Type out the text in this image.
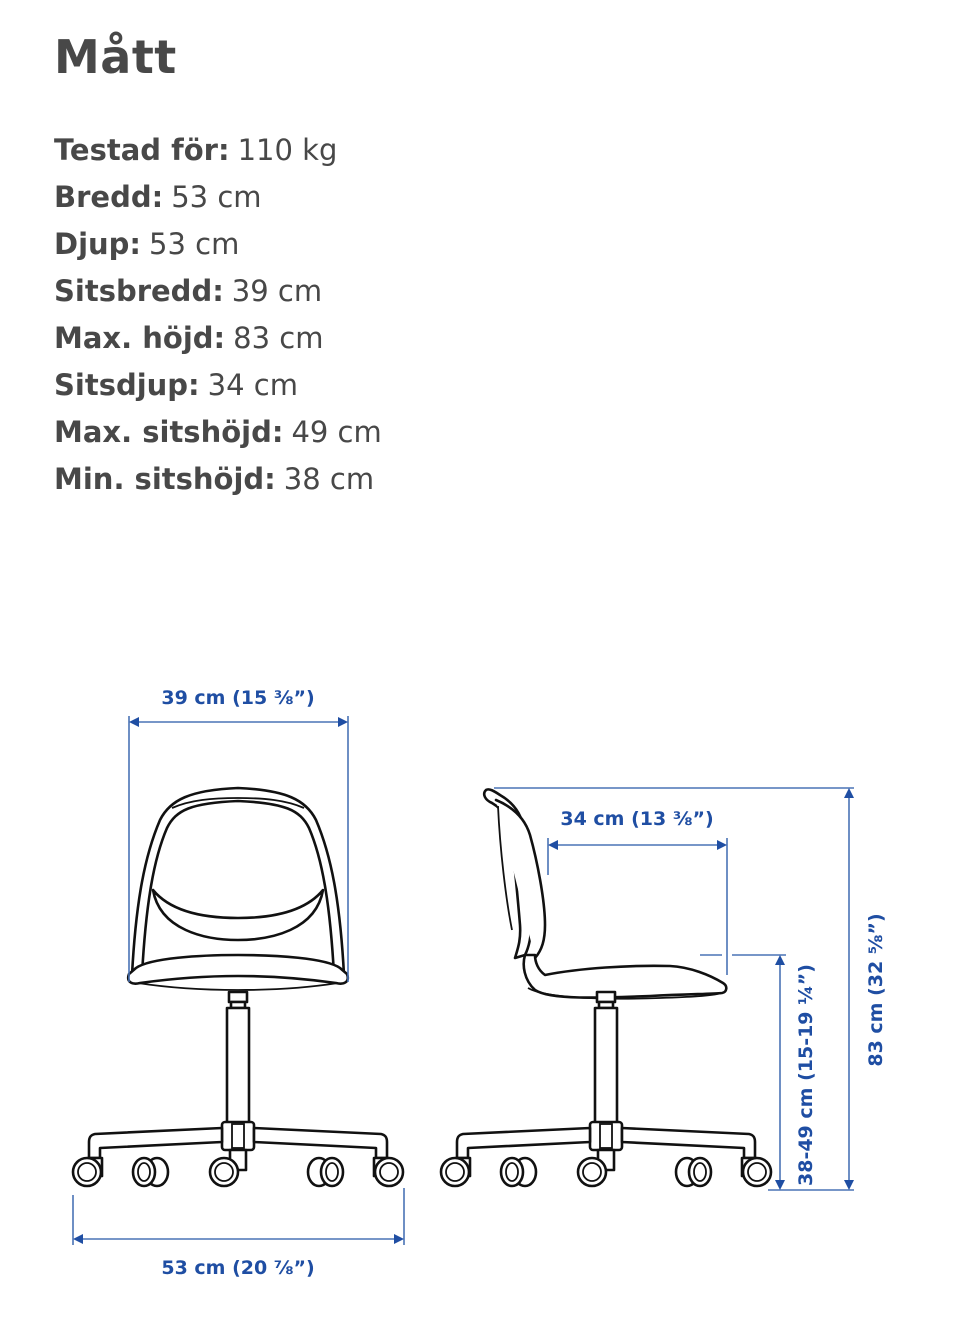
Mått
Testad för: 110 kg
Bredd: 53 cm
Djup: 53 cm
Sitsbredd: 39 cm
Max. höjd: 83 cm
Sitsdjup: 34 cm
Max. sitshöjd: 49 cm
Min. sitshöjd: 38 cm
39 cm (15 ⅜”)
53 cm (20 ⅞”)
34 cm (13 ⅜”)
38-49 cm (15-19 ¼”)	83 cm (32 ⅝”)
